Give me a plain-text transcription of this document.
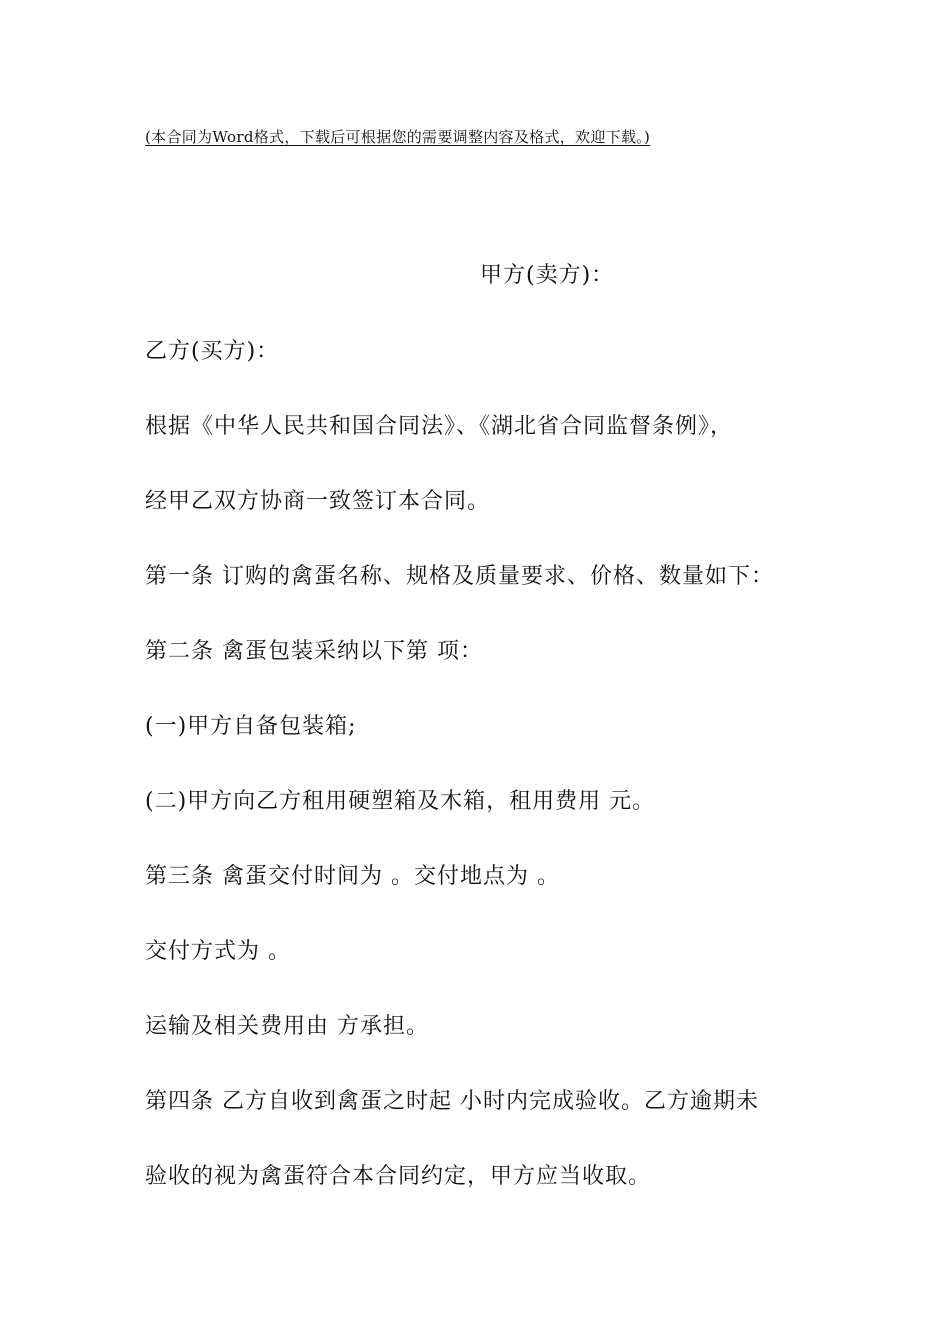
(本合同为Word格式，下载后可根据您的需要调整内容及格式，欢迎下载。)
甲方(卖方)：
乙方(买方)：
根据《中华人民共和国合同法》、《湖北省合同监督条例》，
经甲乙双方协商一致签订本合同。
第一条 订购的禽蛋名称、规格及质量要求、价格、数量如下：
第二条 禽蛋包装采纳以下第 项：
(一)甲方自备包装箱;
(二)甲方向乙方租用硬塑箱及木箱，租用费用 元。
第三条 禽蛋交付时间为 。交付地点为 。
交付方式为 。
运输及相关费用由 方承担。
第四条 乙方自收到禽蛋之时起 小时内完成验收。乙方逾期未
验收的视为禽蛋符合本合同约定，甲方应当收取。
